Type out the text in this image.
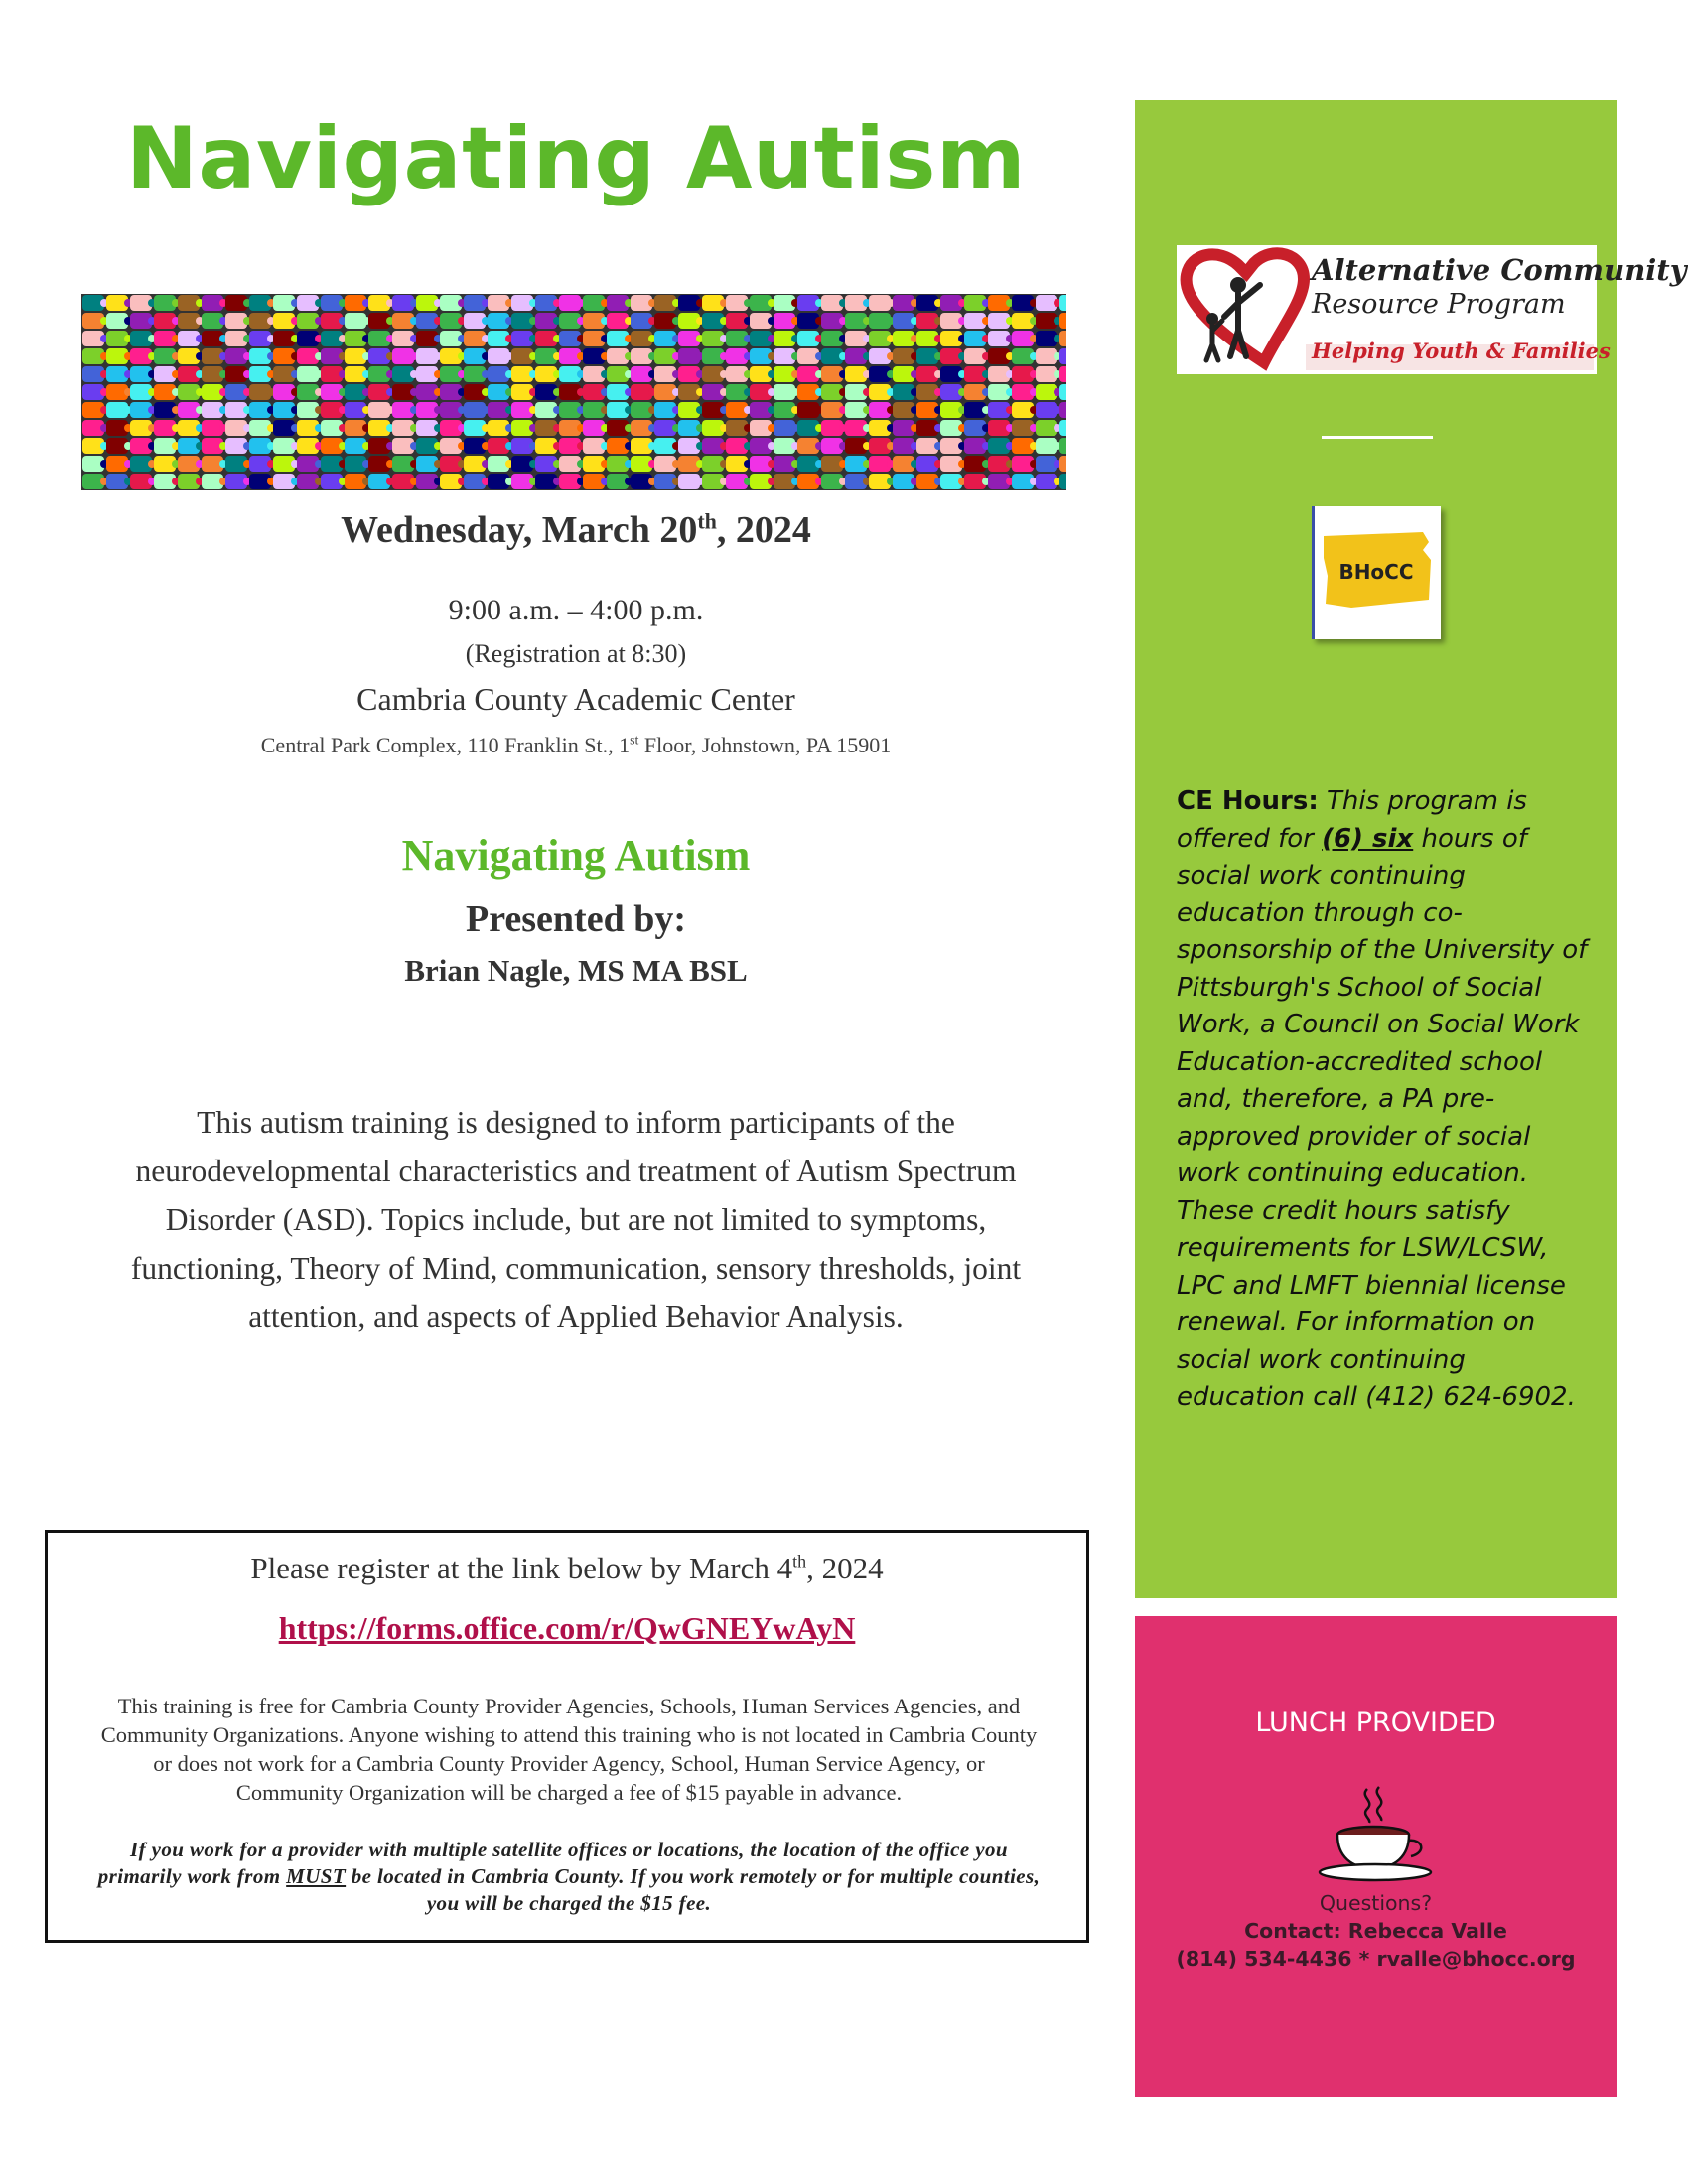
Navigating Autism
Wednesday, March 20th, 2024
9:00 a.m. – 4:00 p.m.
(Registration at 8:30)
Cambria County Academic Center
Central Park Complex, 110 Franklin St., 1st Floor, Johnstown, PA 15901
Navigating Autism
Presented by:
Brian Nagle, MS MA BSL
This autism training is designed to inform participants of the neurodevelopmental characteristics and treatment of Autism Spectrum Disorder (ASD). Topics include, but are not limited to symptoms, functioning, Theory of Mind, communication, sensory thresholds, joint attention, and aspects of Applied Behavior Analysis.
Please register at the link below by March 4th, 2024
https://forms.office.com/r/QwGNEYwAyN
This training is free for Cambria County Provider Agencies, Schools, Human Services Agencies, and Community Organizations. Anyone wishing to attend this training who is not located in Cambria County or does not work for a Cambria County Provider Agency, School, Human Service Agency, or Community Organization will be charged a fee of $15 payable in advance.
If you work for a provider with multiple satellite offices or locations, the location of the office you primarily work from MUST be located in Cambria County. If you work remotely or for multiple counties, you will be charged the $15 fee.
Alternative Community
Resource Program
Helping Youth & Families
BHoCC
CE Hours: This program is offered for (6) six hours of social work continuing education through co-sponsorship of the University of Pittsburgh's School of Social Work, a Council on Social Work Education-accredited school and, therefore, a PA pre-approved provider of social work continuing education. These credit hours satisfy requirements for LSW/LCSW, LPC and LMFT biennial license renewal. For information on social work continuing education call (412) 624-6902.
LUNCH PROVIDED
Questions?
Contact: Rebecca Valle
(814) 534-4436 * rvalle@bhocc.org
